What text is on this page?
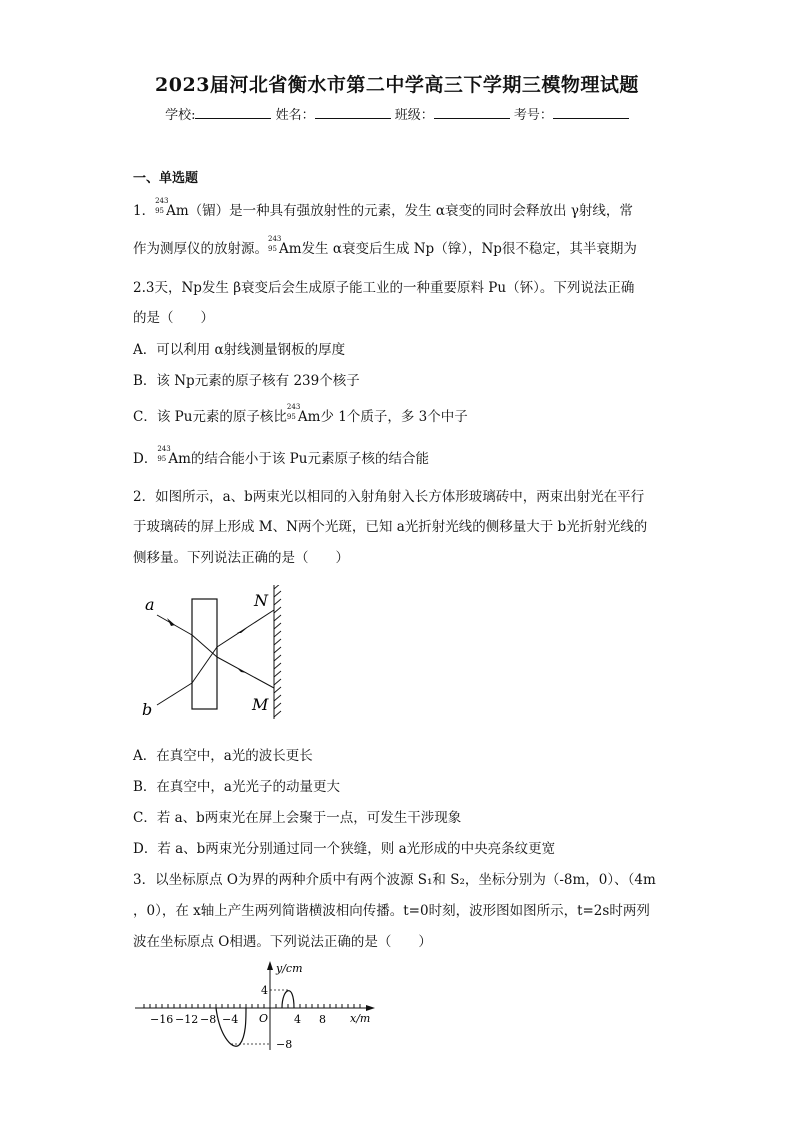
2023届河北省衡水市第二中学高三下学期三模物理试题
学校:	姓名：	班级：	考号：
一、单选题
1．
243
95 Am（镅）是一种具有强放射性的元素，发生 α衰变的同时会释放出 γ射线，常
作为测厚仪的放射源。
243
95 Am发生 α衰变后生成 Np（镎），Np很不稳定，其半衰期为
2.3天，Np发生 β衰变后会生成原子能工业的一种重要原料 Pu（钚）。下列说法正确
的是（　　）
A．可以利用 α射线测量钢板的厚度
B．该 Np元素的原子核有 239个核子
C．该 Pu元素的原子核比
243
95 Am少 1个质子，多 3个中子
D．
243
95 Am的结合能小于该 Pu元素原子核的结合能
2．如图所示，a、b两束光以相同的入射角射入长方体形玻璃砖中，两束出射光在平行
于玻璃砖的屏上形成 M、N两个光斑，已知 a光折射光线的侧移量大于 b光折射光线的
侧移量。下列说法正确的是（　　）
a
b
N
M
A．在真空中，a光的波长更长
B．在真空中，a光光子的动量更大
C．若 a、b两束光在屏上会聚于一点，可发生干涉现象
D．若 a、b两束光分别通过同一个狭缝，则 a光形成的中央亮条纹更宽
3．以坐标原点 O为界的两种介质中有两个波源 S₁和 S₂，坐标分别为（-8m，0）、（4m
，0），在 x轴上产生两列简谐横波相向传播。t=0时刻，波形图如图所示，t=2s时两列
波在坐标原点 O相遇。下列说法正确的是（　　）
y/cm
x/m
O
4
−8
−16 −12 −8 −4	4 8
